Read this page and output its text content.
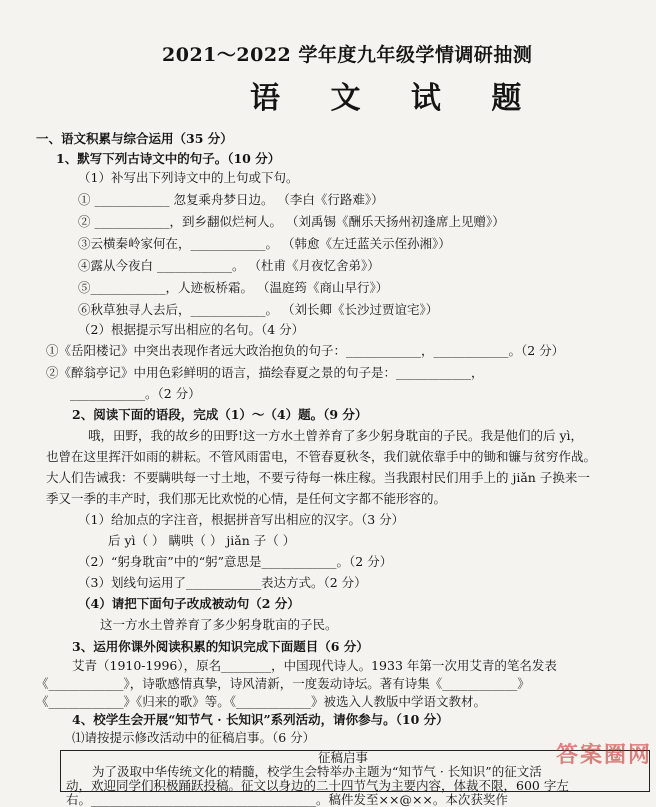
2021～2022 学年度九年级学情调研抽测
语 文 试 题
一、语文积累与综合运用（35 分）
1、默写下列古诗文中的句子。（10 分）
（1）补写出下列诗文中的上句或下句。
① ____________ 忽复乘舟梦日边。 （李白《行路难》）
② ____________，到乡翻似烂柯人。 （刘禹锡《酬乐天扬州初逢席上见赠》）
③云横秦岭家何在，____________。 （韩愈《左迁蓝关示侄孙湘》）
④露从今夜白 ____________。 （杜甫《月夜忆舍弟》）
⑤____________，人迹板桥霜。 （温庭筠《商山早行》）
⑥秋草独寻人去后，____________。 （刘长卿《长沙过贾谊宅》）
（2）根据提示写出相应的名句。（4 分）
①《岳阳楼记》中突出表现作者远大政治抱负的句子：____________，____________。（2 分）
②《醉翁亭记》中用色彩鲜明的语言，描绘春夏之景的句子是：____________，
____________。（2 分）
2、阅读下面的语段，完成（1）～（4）题。（9 分）
哦，田野，我的故乡的田野!这一方水土曾养育了多少躬身耽亩的子民。我是他们的后 yì，
也曾在这里挥汗如雨的耕耘。不管风雨雷电，不管春夏秋冬，我们就依靠手中的锄和镰与贫穷作战。
大人们告诫我：不要瞒哄每一寸土地，不要亏待每一株庄稼。当我跟村民们用手上的 jiǎn 子换来一
季又一季的丰产时，我们那无比欢悦的心情，是任何文字都不能形容的。
（1）给加点的字注音，根据拼音写出相应的汉字。（3 分）
后 yì（ ） 瞒哄（ ） jiǎn 子（ ）
（2）“躬身耽亩”中的“躬”意思是____________。（2 分）
（3）划线句运用了____________表达方式。（2 分）
（4）请把下面句子改成被动句（2 分）
这一方水土曾养育了多少躬身耽亩的子民。
3、运用你课外阅读积累的知识完成下面题目（6 分）
艾青（1910-1996），原名________，中国现代诗人。1933 年第一次用艾青的笔名发表
《____________》，诗歌感情真挚，诗风清新，一度轰动诗坛。著有诗集《____________》
《____________》《归来的歌》等。《____________》被选入人教版中学语文教材。
4、校学生会开展“知节气 · 长知识”系列活动，请你参与。（10 分）
⑴请按提示修改活动中的征稿启事。（6 分）
征稿启事
为了汲取中华传统文化的精髓，校学生会特举办主题为“知节气 · 长知识”的征文活
动，欢迎同学们积极踊跃投稿。征文以身边的二十四节气为主要内容，体裁不限，600 字左
右。____________________________________。稿件发至××@××。本次获奖作
答案圈网
